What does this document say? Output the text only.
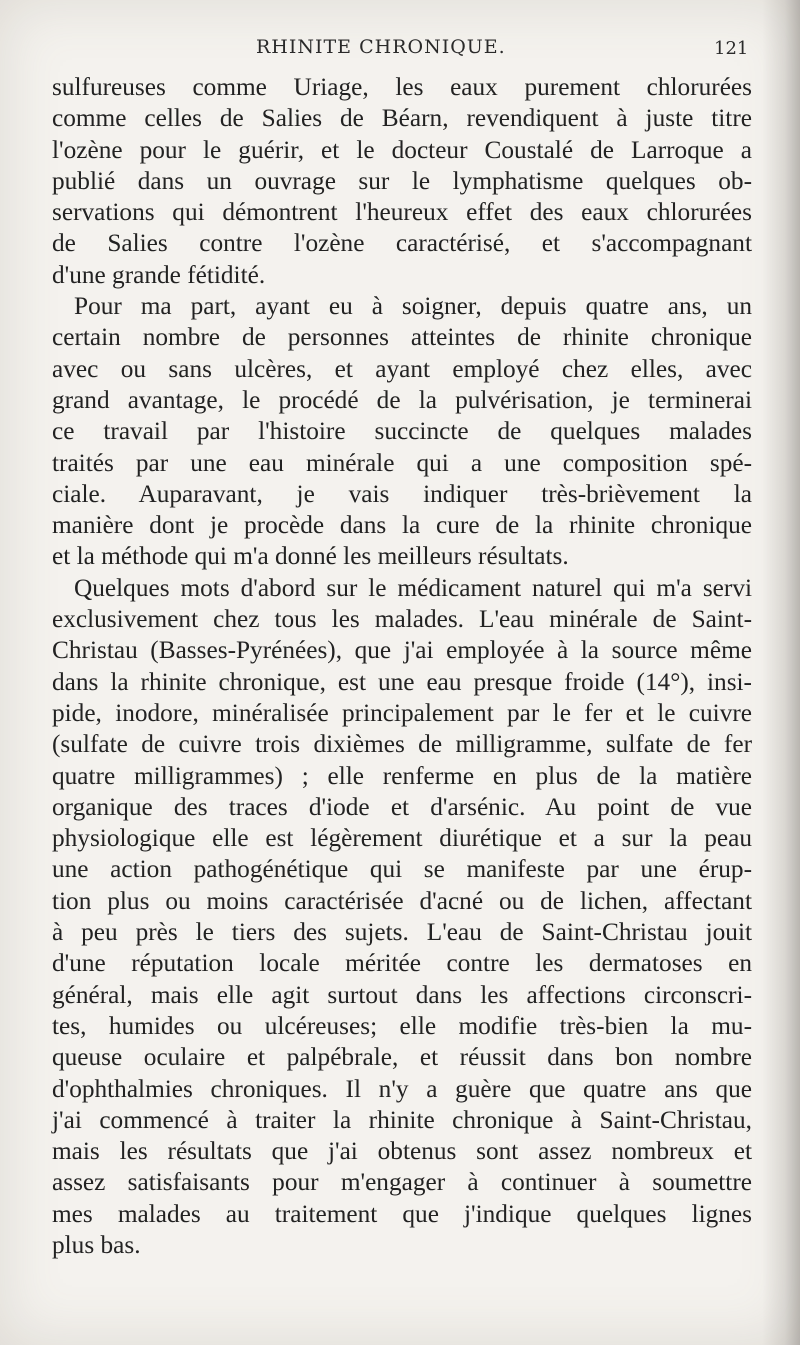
RHINITE CHRONIQUE.	121
sulfureuses comme Uriage, les eaux purement chlorurées
comme celles de Salies de Béarn, revendiquent à juste titre
l'ozène pour le guérir, et le docteur Coustalé de Larroque a
publié dans un ouvrage sur le lymphatisme quelques ob-
servations qui démontrent l'heureux effet des eaux chlorurées
de Salies contre l'ozène caractérisé, et s'accompagnant
d'une grande fétidité.
Pour ma part, ayant eu à soigner, depuis quatre ans, un
certain nombre de personnes atteintes de rhinite chronique
avec ou sans ulcères, et ayant employé chez elles, avec
grand avantage, le procédé de la pulvérisation, je terminerai
ce travail par l'histoire succincte de quelques malades
traités par une eau minérale qui a une composition spé-
ciale. Auparavant, je vais indiquer très-brièvement la
manière dont je procède dans la cure de la rhinite chronique
et la méthode qui m'a donné les meilleurs résultats.
Quelques mots d'abord sur le médicament naturel qui m'a servi
exclusivement chez tous les malades. L'eau minérale de Saint-
Christau (Basses-Pyrénées), que j'ai employée à la source même
dans la rhinite chronique, est une eau presque froide (14°), insi-
pide, inodore, minéralisée principalement par le fer et le cuivre
(sulfate de cuivre trois dixièmes de milligramme, sulfate de fer
quatre milligrammes) ; elle renferme en plus de la matière
organique des traces d'iode et d'arsénic. Au point de vue
physiologique elle est légèrement diurétique et a sur la peau
une action pathogénétique qui se manifeste par une érup-
tion plus ou moins caractérisée d'acné ou de lichen, affectant
à peu près le tiers des sujets. L'eau de Saint-Christau jouit
d'une réputation locale méritée contre les dermatoses en
général, mais elle agit surtout dans les affections circonscri-
tes, humides ou ulcéreuses; elle modifie très-bien la mu-
queuse oculaire et palpébrale, et réussit dans bon nombre
d'ophthalmies chroniques. Il n'y a guère que quatre ans que
j'ai commencé à traiter la rhinite chronique à Saint-Christau,
mais les résultats que j'ai obtenus sont assez nombreux et
assez satisfaisants pour m'engager à continuer à soumettre
mes malades au traitement que j'indique quelques lignes
plus bas.
